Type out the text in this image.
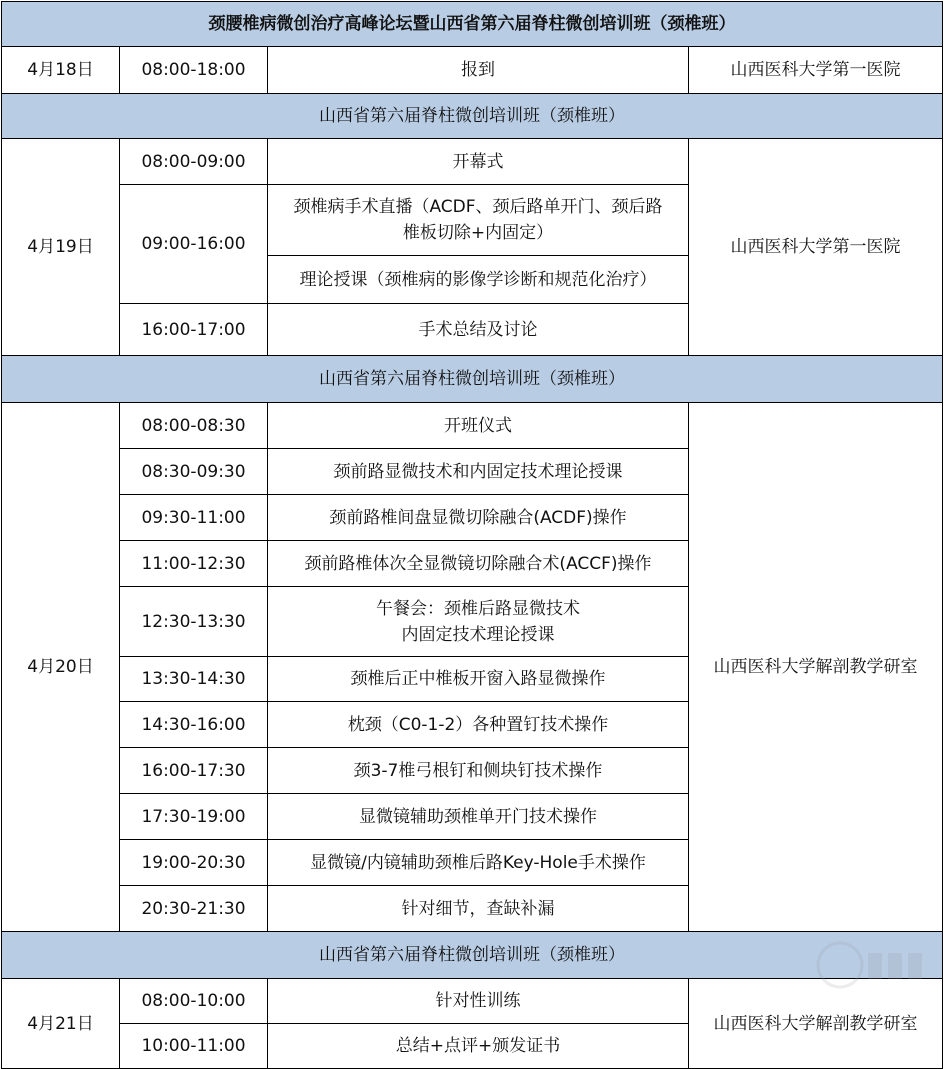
颈腰椎病微创治疗高峰论坛暨山西省第六届脊柱微创培训班（颈椎班）			
4月18日	08:00-18:00	报到	山西医科大学第一医院
山西省第六届脊柱微创培训班（颈椎班）			
4月19日	08:00-09:00	开幕式	山西医科大学第一医院
	09:00-16:00	颈椎病手术直播（ACDF、颈后路单开门、颈后路
椎板切除+内固定）	

		理论授课（颈椎病的影像学诊断和规范化治疗）	
	16:00-17:00	手术总结及讨论	
山西省第六届脊柱微创培训班（颈椎班）			
4月20日	08:00-08:30	开班仪式	山西医科大学解剖教学研室
	08:30-09:30	颈前路显微技术和内固定技术理论授课	
	09:30-11:00	颈前路椎间盘显微切除融合(ACDF)操作	
	11:00-12:30	颈前路椎体次全显微镜切除融合术(ACCF)操作	
	12:30-13:30	午餐会：颈椎后路显微技术
内固定技术理论授课	

	13:30-14:30	颈椎后正中椎板开窗入路显微操作	
	14:30-16:00	枕颈（C0-1-2）各种置钉技术操作	
	16:00-17:30	颈3-7椎弓根钉和侧块钉技术操作	
	17:30-19:00	显微镜辅助颈椎单开门技术操作	
	19:00-20:30	显微镜/内镜辅助颈椎后路Key-Hole手术操作	
	20:30-21:30	针对细节，查缺补漏	
山西省第六届脊柱微创培训班（颈椎班）			
4月21日	08:00-10:00	针对性训练	山西医科大学解剖教学研室
	10:00-11:00	总结+点评+颁发证书	
